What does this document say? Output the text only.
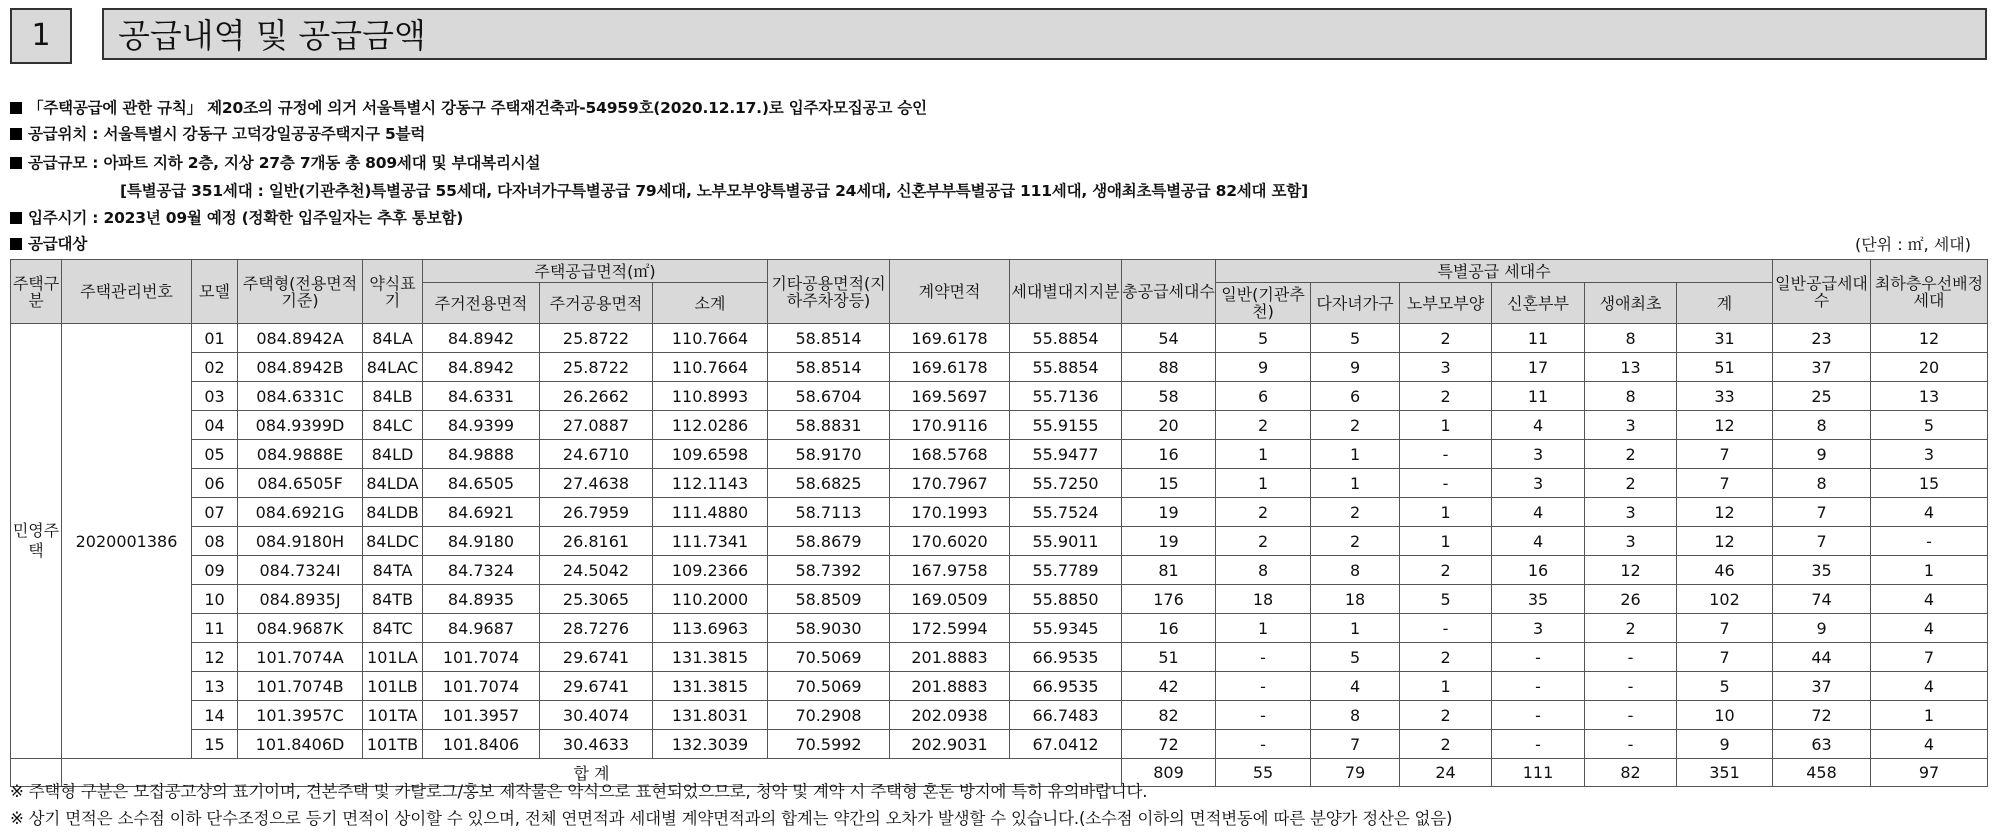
1	공급내역 및 공급금액
「주택공급에 관한 규칙」 제20조의 규정에 의거 서울특별시 강동구 주택재건축과-54959호(2020.12.17.)로 입주자모집공고 승인
공급위치 : 서울특별시 강동구 고덕강일공공주택지구 5블럭
공급규모 : 아파트 지하 2층, 지상 27층 7개동 총 809세대 및 부대복리시설
[특별공급 351세대 : 일반(기관추천)특별공급 55세대, 다자녀가구특별공급 79세대, 노부모부양특별공급 24세대, 신혼부부특별공급 111세대, 생애최초특별공급 82세대 포함]
입주시기 : 2023년 09월 예정 (정확한 입주일자는 추후 통보함)
공급대상	(단위 : ㎡, 세대)
주택구분	주택관리번호	모델	주택형(전용면적기준)	약식표기	주택공급면적(㎡)			기타공용면적(지하주차장등)	계약면적	세대별대지지분	총공급세대수	특별공급 세대수						일반공급세대수	최하층우선배정세대
					주거전용면적	주거공용면적	소계					일반(기관추천)	다자녀가구	노부모부양	신혼부부	생애최초	계		
민영주택	2020001386	01	084.8942A	84LA	84.8942	25.8722	110.7664	58.8514	169.6178	55.8854	54	5	5	2	11	8	31	23	12
		02	084.8942B	84LAC	84.8942	25.8722	110.7664	58.8514	169.6178	55.8854	88	9	9	3	17	13	51	37	20
		03	084.6331C	84LB	84.6331	26.2662	110.8993	58.6704	169.5697	55.7136	58	6	6	2	11	8	33	25	13
		04	084.9399D	84LC	84.9399	27.0887	112.0286	58.8831	170.9116	55.9155	20	2	2	1	4	3	12	8	5
		05	084.9888E	84LD	84.9888	24.6710	109.6598	58.9170	168.5768	55.9477	16	1	1	-	3	2	7	9	3
		06	084.6505F	84LDA	84.6505	27.4638	112.1143	58.6825	170.7967	55.7250	15	1	1	-	3	2	7	8	15
		07	084.6921G	84LDB	84.6921	26.7959	111.4880	58.7113	170.1993	55.7524	19	2	2	1	4	3	12	7	4
		08	084.9180H	84LDC	84.9180	26.8161	111.7341	58.8679	170.6020	55.9011	19	2	2	1	4	3	12	7	-
		09	084.7324I	84TA	84.7324	24.5042	109.2366	58.7392	167.9758	55.7789	81	8	8	2	16	12	46	35	1
		10	084.8935J	84TB	84.8935	25.3065	110.2000	58.8509	169.0509	55.8850	176	18	18	5	35	26	102	74	4
		11	084.9687K	84TC	84.9687	28.7276	113.6963	58.9030	172.5994	55.9345	16	1	1	-	3	2	7	9	4
		12	101.7074A	101LA	101.7074	29.6741	131.3815	70.5069	201.8883	66.9535	51	-	5	2	-	-	7	44	7
		13	101.7074B	101LB	101.7074	29.6741	131.3815	70.5069	201.8883	66.9535	42	-	4	1	-	-	5	37	4
		14	101.3957C	101TA	101.3957	30.4074	131.8031	70.2908	202.0938	66.7483	82	-	8	2	-	-	10	72	1
		15	101.8406D	101TB	101.8406	30.4633	132.3039	70.5992	202.9031	67.0412	72	-	7	2	-	-	9	63	4
	합 계										809	55	79	24	111	82	351	458	97
※ 주택형 구분은 모집공고상의 표기이며, 견본주택 및 카탈로그/홍보 제작물은 약식으로 표현되었으므로, 청약 및 계약 시 주택형 혼돈 방지에 특히 유의바랍니다.
※ 상기 면적은 소수점 이하 단수조정으로 등기 면적이 상이할 수 있으며, 전체 연면적과 세대별 계약면적과의 합계는 약간의 오차가 발생할 수 있습니다.(소수점 이하의 면적변동에 따른 분양가 정산은 없음)
